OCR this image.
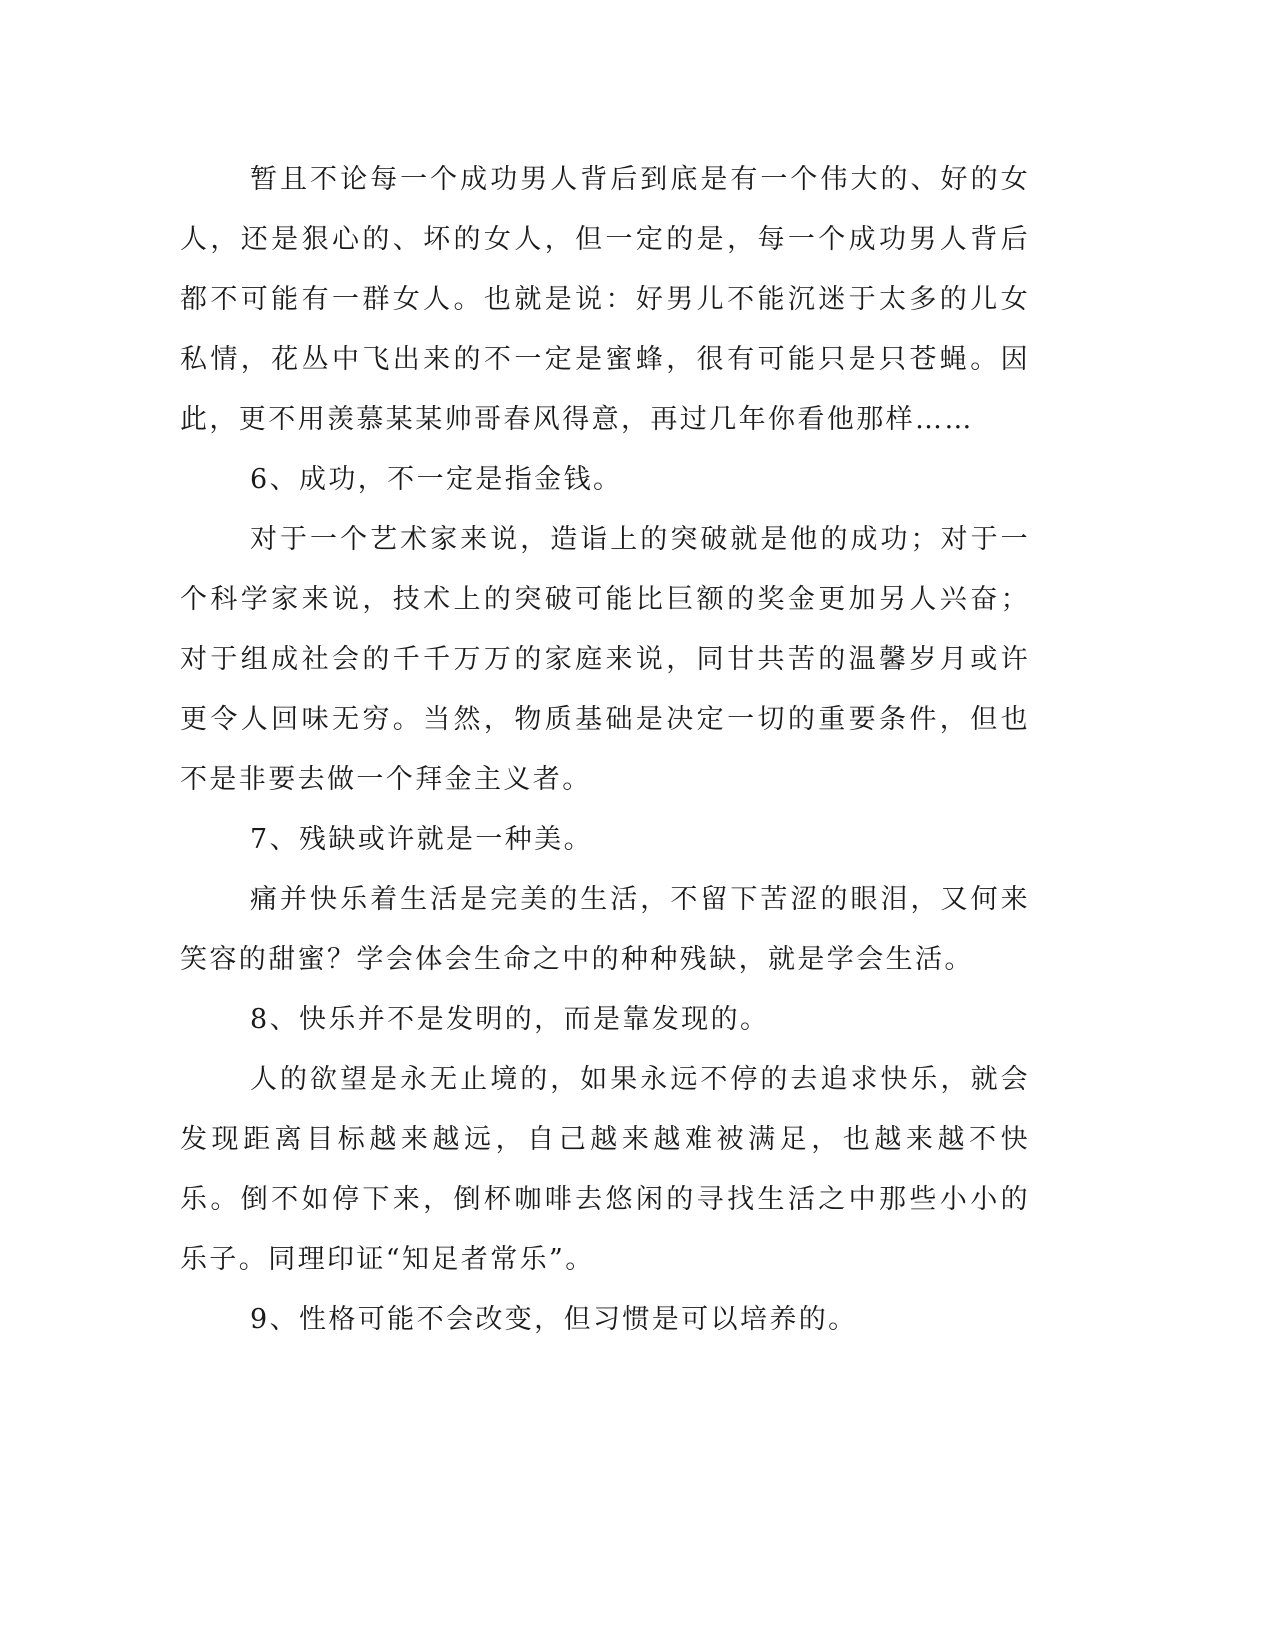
暂且不论每一个成功男人背后到底是有一个伟大的、好的女人，还是狠心的、坏的女人，但一定的是，每一个成功男人背后都不可能有一群女人。也就是说：好男儿不能沉迷于太多的儿女私情，花丛中飞出来的不一定是蜜蜂，很有可能只是只苍蝇。因此，更不用羡慕某某帅哥春风得意，再过几年你看他那样……

6、成功，不一定是指金钱。

对于一个艺术家来说，造诣上的突破就是他的成功；对于一个科学家来说，技术上的突破可能比巨额的奖金更加另人兴奋；对于组成社会的千千万万的家庭来说，同甘共苦的温馨岁月或许更令人回味无穷。当然，物质基础是决定一切的重要条件，但也不是非要去做一个拜金主义者。

7、残缺或许就是一种美。

痛并快乐着生活是完美的生活，不留下苦涩的眼泪，又何来笑容的甜蜜？学会体会生命之中的种种残缺，就是学会生活。

8、快乐并不是发明的，而是靠发现的。

人的欲望是永无止境的，如果永远不停的去追求快乐，就会发现距离目标越来越远，自己越来越难被满足，也越来越不快乐。倒不如停下来，倒杯咖啡去悠闲的寻找生活之中那些小小的乐子。同理印证“知足者常乐”。

9、性格可能不会改变，但习惯是可以培养的。
